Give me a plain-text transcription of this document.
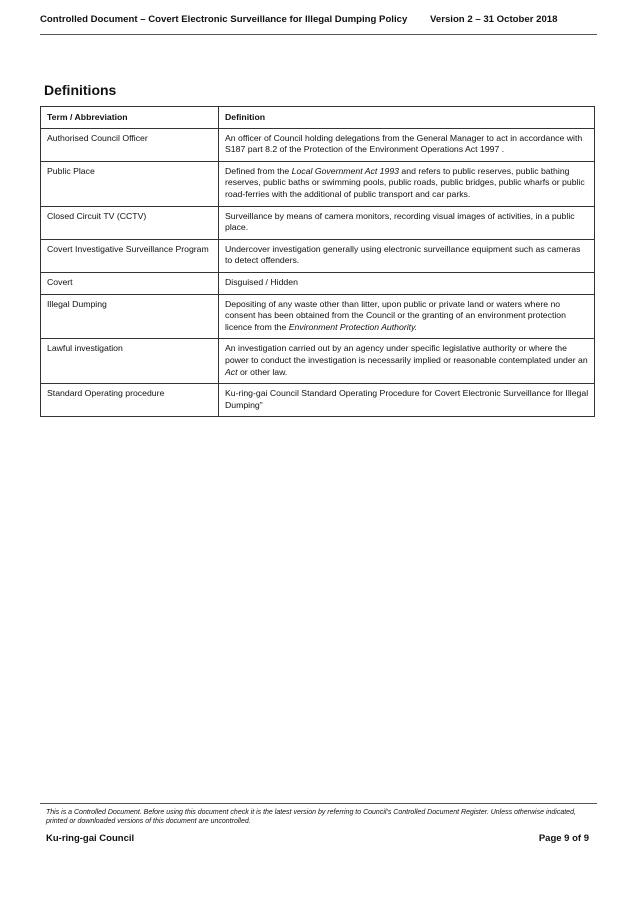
Controlled Document – Covert Electronic Surveillance for Illegal Dumping Policy Version 2 – 31 October 2018
Definitions
Term / Abbreviation	Definition
Authorised Council Officer	An officer of Council holding delegations from the General Manager to act in accordance with S187 part 8.2 of the Protection of the Environment Operations Act 1997 .
Public Place	Defined from the Local Government Act 1993 and refers to public reserves, public bathing reserves, public baths or swimming pools, public roads, public bridges, public wharfs or public road-ferries with the additional of public transport and car parks.
Closed Circuit TV (CCTV)	Surveillance by means of camera monitors, recording visual images of activities, in a public place.
Covert Investigative Surveillance Program	Undercover investigation generally using electronic surveillance equipment such as cameras to detect offenders.
Covert	Disguised / Hidden
Illegal Dumping	Depositing of any waste other than litter, upon public or private land or waters where no consent has been obtained from the Council or the granting of an environment protection licence from the Environment Protection Authority.
Lawful investigation	An investigation carried out by an agency under specific legislative authority or where the power to conduct the investigation is necessarily implied or reasonable contemplated under an Act or other law.
Standard Operating procedure	Ku-ring-gai Council Standard Operating Procedure for Covert Electronic Surveillance for Illegal Dumping”
This is a Controlled Document. Before using this document check it is the latest version by referring to Council’s Controlled Document Register. Unless otherwise indicated, printed or downloaded versions of this document are uncontrolled.
Ku-ring-gai Council	Page 9 of 9
